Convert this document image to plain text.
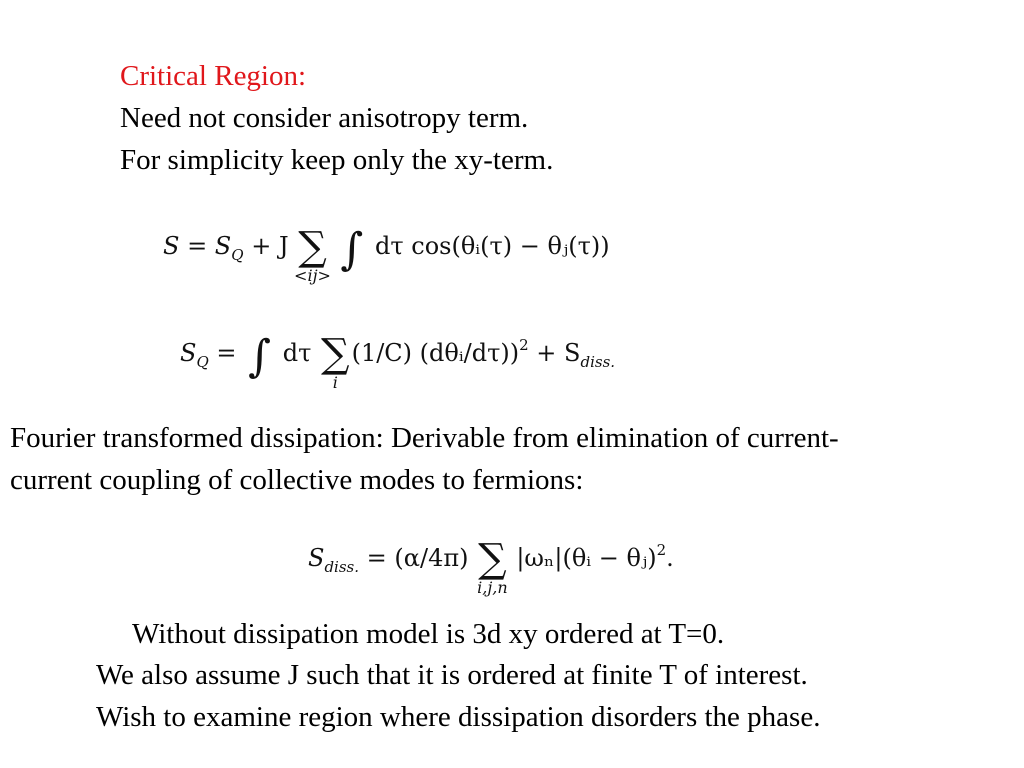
Critical Region:
Need not consider anisotropy term.
For simplicity keep only the xy-term.
$S = S_Q + J$ ∑
<ij>
∫ dτ cos(θᵢ(τ) − θⱼ(τ))
$S_Q$ = ∫ dτ ∑
i
(1/C) (dθᵢ/dτ))$^2$ + $S_{diss.}$
Fourier transformed dissipation: Derivable from elimination of current-
current coupling of collective modes to fermions:
$S_{diss.} = (\alpha/4\pi)$ ∑
i,j,n
|ωₙ|(θᵢ − θⱼ)$^2$.
Without dissipation model is 3d xy ordered at T=0.
We also assume J such that it is ordered at finite T of interest.
Wish to examine region where dissipation disorders the phase.
